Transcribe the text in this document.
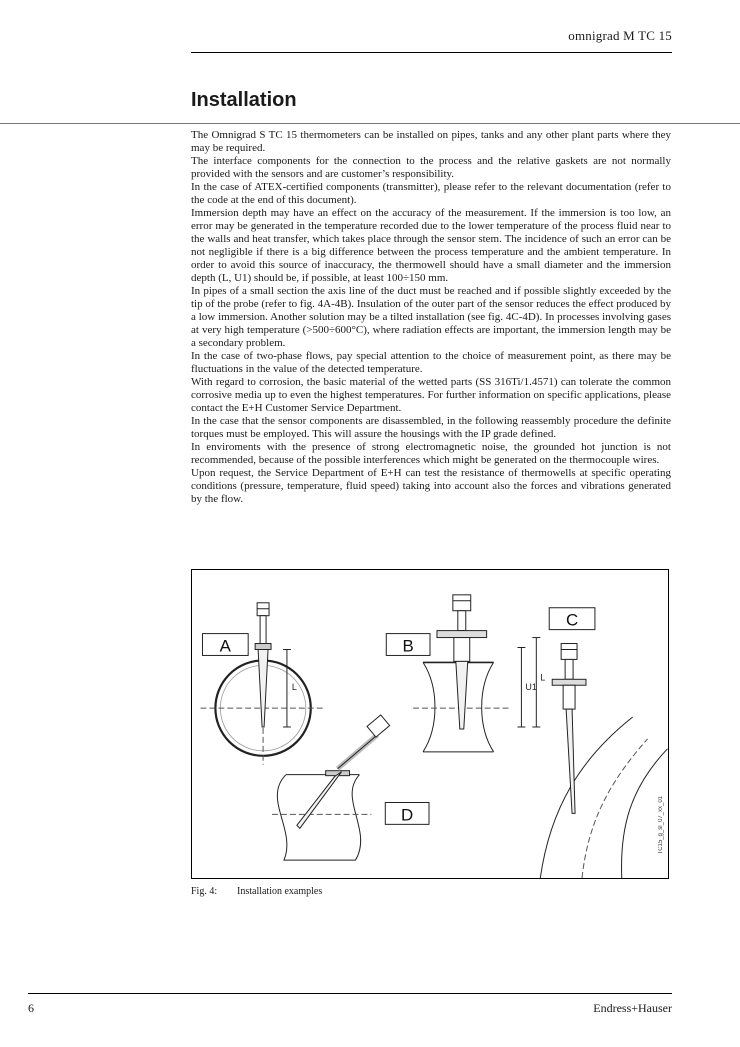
omnigrad M TC 15
Installation

The Omnigrad S TC 15 thermometers can be installed on pipes, tanks and any other plant parts where they may be required.

The interface components for the connection to the process and the relative gaskets are not normally provided with the sensors and are customer’s responsibility.

In the case of ATEX-certified components (transmitter), please refer to the relevant documentation (refer to the code at the end of this document).

Immersion depth may have an effect on the accuracy of the measurement. If the immersion is too low, an error may be generated in the temperature recorded due to the lower temperature of the process fluid near to the walls and heat transfer, which takes place through the sensor stem. The incidence of such an error can be not negligible if there is a big difference between the process temperature and the ambient temperature. In order to avoid this source of inaccuracy, the thermowell should have a small diameter and the immersion depth (L, U1) should be, if possible, at least 100÷150 mm.

In pipes of a small section the axis line of the duct must be reached and if possible slightly exceeded by the tip of the probe (refer to fig. 4A-4B). Insulation of the outer part of the sensor reduces the effect produced by a low immersion. Another solution may be a tilted installation (see fig. 4C-4D). In processes involving gases at very high temperature (>500÷600°C), where radiation effects are important, the immersion length may be a secondary problem.

In the case of two-phase flows, pay special attention to the choice of measurement point, as there may be fluctuations in the value of the detected temperature.

With regard to corrosion, the basic material of the wetted parts (SS 316Ti/1.4571) can tolerate the common corrosive media up to even the highest temperatures. For further information on specific applications, please contact the E+H Customer Service Department.

In the case that the sensor components are disassembled, in the following reassembly procedure the definite torques must be employed. This will assure the housings with the IP grade defined.

In enviroments with the presence of strong electromagnetic noise, the grounded hot junction is not recommended, because of the possible interferences which might be generated on the thermocouple wires.

Upon request, the Service Department of E+H can test the resistance of thermowells at specific operating conditions (pressure, temperature, fluid speed) taking into account also the forces and vibrations generated by the flow.

A	B
C
D
L	U1
L
TC15_g_sl_07_xx_01
Fig. 4: Installation examples
6	Endress+Hauser
